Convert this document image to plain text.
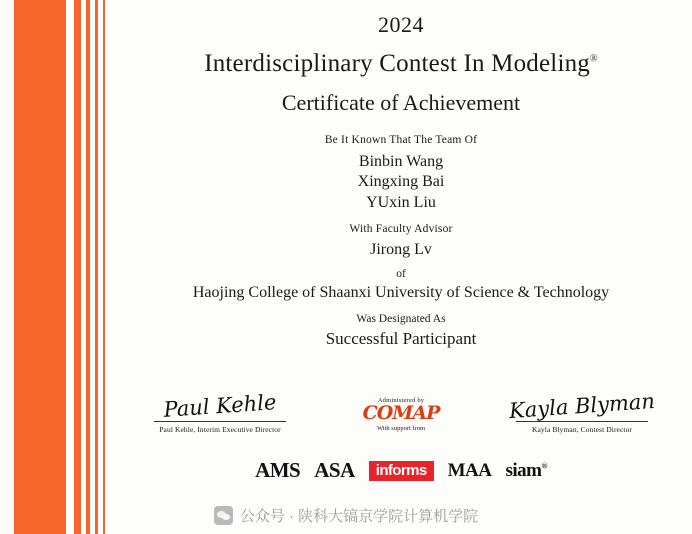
2024
Interdisciplinary Contest In Modeling®
Certificate of Achievement
Be It Known That The Team Of
Binbin Wang
Xingxing Bai
YUxin Liu
With Faculty Advisor
Jirong Lv
of
Haojing College of Shaanxi University of Science & Technology
Was Designated As
Successful Participant
Paul Kehle
Paul Kehle, Interim Executive Director
Administered by
COMAP
With support from
Kayla Blyman
Kayla Blyman, Contest Director
AMS ASA	informs	MAA siam®
公众号 · 陕科大镐京学院计算机学院
